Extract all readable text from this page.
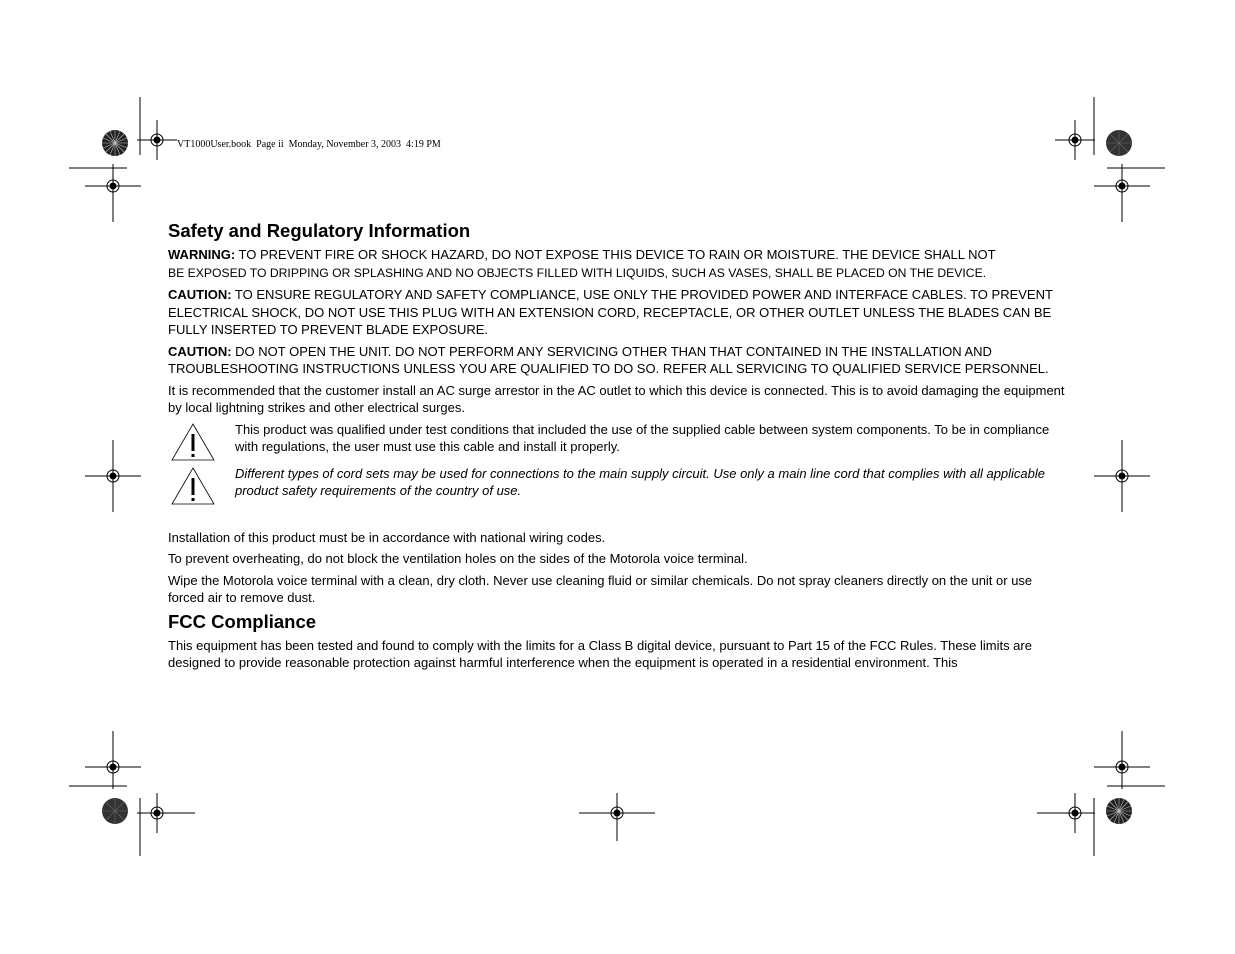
VT1000User.book  Page ii  Monday, November 3, 2003  4:19 PM
Safety and Regulatory Information

WARNING: TO PREVENT FIRE OR SHOCK HAZARD, DO NOT EXPOSE THIS DEVICE TO RAIN OR MOISTURE. THE DEVICE SHALL NOT
BE EXPOSED TO DRIPPING OR SPLASHING AND NO OBJECTS FILLED WITH LIQUIDS, SUCH AS VASES, SHALL BE PLACED ON THE DEVICE.

CAUTION: TO ENSURE REGULATORY AND SAFETY COMPLIANCE, USE ONLY THE PROVIDED POWER AND INTERFACE CABLES. TO PREVENT ELECTRICAL SHOCK, DO NOT USE THIS PLUG WITH AN EXTENSION CORD, RECEPTACLE, OR OTHER OUTLET UNLESS THE BLADES CAN BE FULLY INSERTED TO PREVENT BLADE EXPOSURE.

CAUTION: DO NOT OPEN THE UNIT. DO NOT PERFORM ANY SERVICING OTHER THAN THAT CONTAINED IN THE INSTALLATION AND TROUBLESHOOTING INSTRUCTIONS UNLESS YOU ARE QUALIFIED TO DO SO. REFER ALL SERVICING TO QUALIFIED SERVICE PERSONNEL.

It is recommended that the customer install an AC surge arrestor in the AC outlet to which this device is connected. This is to avoid damaging the equipment by local lightning strikes and other electrical surges.

This product was qualified under test conditions that included the use of the supplied cable between system components. To be in compliance with regulations, the user must use this cable and install it properly.

Different types of cord sets may be used for connections to the main supply circuit. Use only a main line cord that complies with all applicable product safety requirements of the country of use.

Installation of this product must be in accordance with national wiring codes.

To prevent overheating, do not block the ventilation holes on the sides of the Motorola voice terminal.

Wipe the Motorola voice terminal with a clean, dry cloth. Never use cleaning fluid or similar chemicals. Do not spray cleaners directly on the unit or use forced air to remove dust.

FCC Compliance

This equipment has been tested and found to comply with the limits for a Class B digital device, pursuant to Part 15 of the FCC Rules. These limits are designed to provide reasonable protection against harmful interference when the equipment is operated in a residential environment. This
